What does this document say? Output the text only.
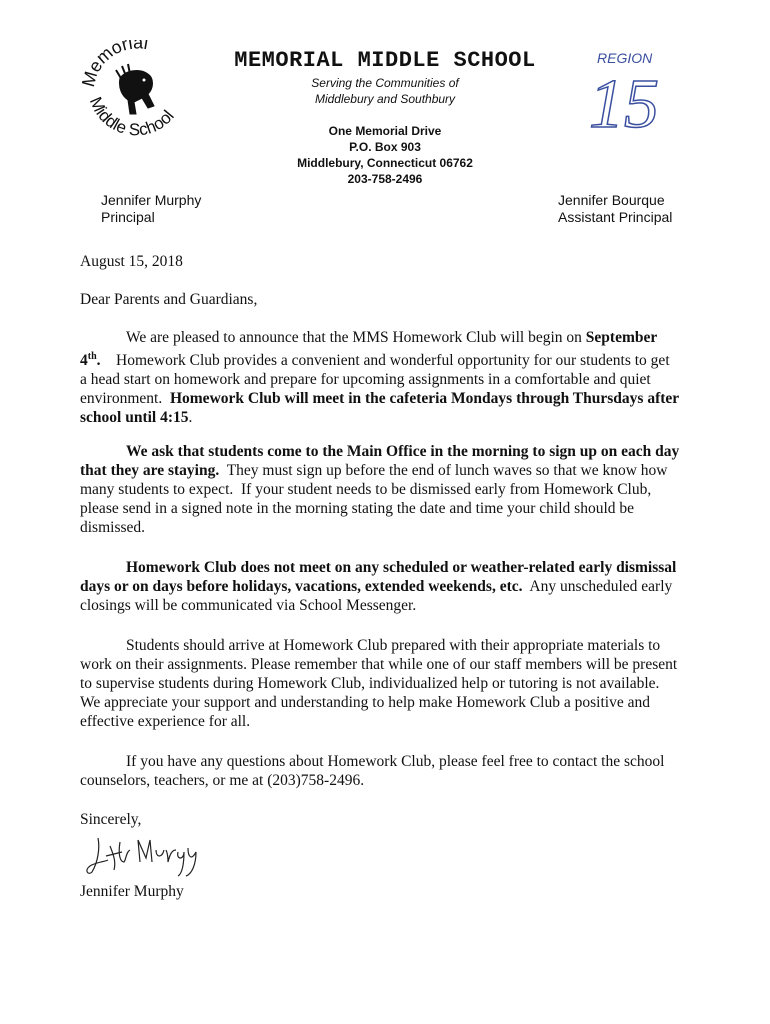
emorial
Middle School
MEMORIAL MIDDLE SCHOOL
Serving the Communities of
Middlebury and Southbury
One Memorial Drive
P.O. Box 903
Middlebury, Connecticut 06762
203-758-2496
REGION
15
Jennifer Murphy
Principal
Jennifer Bourque
Assistant Principal
August 15, 2018
Dear Parents and Guardians,

We are pleased to announce that the MMS Homework Club will begin on September 4th.    Homework Club provides a convenient and wonderful opportunity for our students to get a head start on homework and prepare for upcoming assignments in a comfortable and quiet environment.  Homework Club will meet in the cafeteria Mondays through Thursdays after school until 4:15.

We ask that students come to the Main Office in the morning to sign up on each day that they are staying.  They must sign up before the end of lunch waves so that we know how many students to expect.  If your student needs to be dismissed early from Homework Club, please send in a signed note in the morning stating the date and time your child should be dismissed.

Homework Club does not meet on any scheduled or weather-related early dismissal days or on days before holidays, vacations, extended weekends, etc.  Any unscheduled early closings will be communicated via School Messenger.

Students should arrive at Homework Club prepared with their appropriate materials to work on their assignments. Please remember that while one of our staff members will be present to supervise students during Homework Club, individualized help or tutoring is not available. We appreciate your support and understanding to help make Homework Club a positive and effective experience for all.

If you have any questions about Homework Club, please feel free to contact the school counselors, teachers, or me at (203)758-2496.

Sincerely,
Jennifer Murphy
